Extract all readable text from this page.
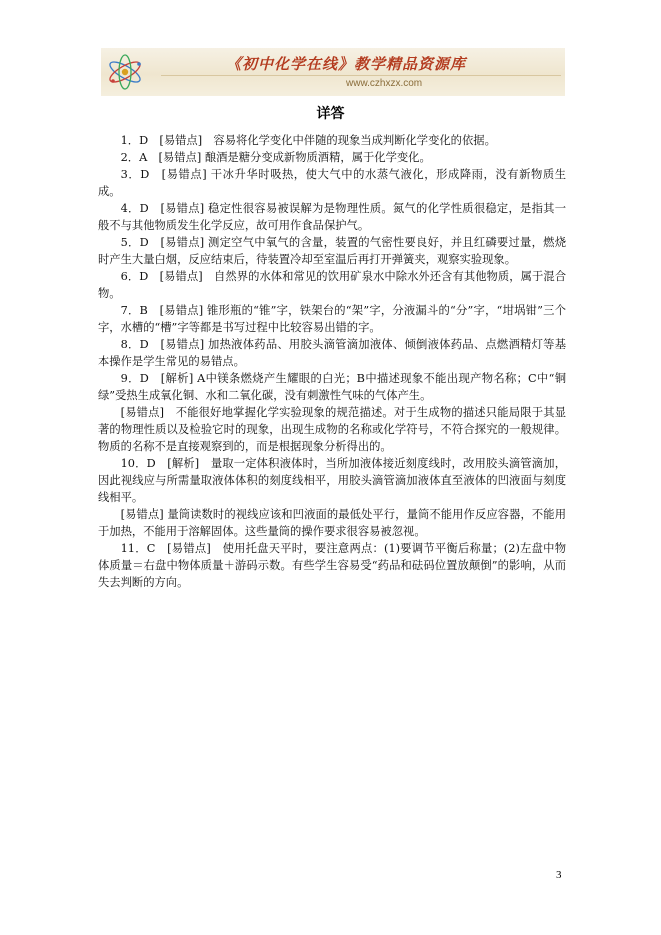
《初中化学在线》教学精品资源库
www.czhxzx.com
详答

1．D　[易错点]　容易将化学变化中伴随的现象当成判断化学变化的依据。

2．A　[易错点] 酿酒是糖分变成新物质酒精，属于化学变化。

3．D　[易错点] 干冰升华时吸热，使大气中的水蒸气液化，形成降雨，没有新物质生成。

4．D　[易错点] 稳定性很容易被误解为是物理性质。氮气的化学性质很稳定，是指其一般不与其他物质发生化学反应，故可用作食品保护气。

5．D　[易错点] 测定空气中氧气的含量，装置的气密性要良好，并且红磷要过量，燃烧时产生大量白烟，反应结束后，待装置冷却至室温后再打开弹簧夹，观察实验现象。

6．D　[易错点]　自然界的水体和常见的饮用矿泉水中除水外还含有其他物质，属于混合物。

7．B　[易错点] 锥形瓶的“锥”字，铁架台的“架”字，分液漏斗的“分”字，“坩埚钳”三个字，水槽的“槽”字等都是书写过程中比较容易出错的字。

8．D　[易错点] 加热液体药品、用胶头滴管滴加液体、倾倒液体药品、点燃酒精灯等基本操作是学生常见的易错点。

9．D　[解析] A中镁条燃烧产生耀眼的白光；B中描述现象不能出现产物名称；C中“铜绿”受热生成氧化铜、水和二氧化碳，没有刺激性气味的气体产生。

[易错点]　不能很好地掌握化学实验现象的规范描述。对于生成物的描述只能局限于其显著的物理性质以及检验它时的现象，出现生成物的名称或化学符号，不符合探究的一般规律。物质的名称不是直接观察到的，而是根据现象分析得出的。

10．D　[解析]　量取一定体积液体时，当所加液体接近刻度线时，改用胶头滴管滴加，因此视线应与所需量取液体体积的刻度线相平，用胶头滴管滴加液体直至液体的凹液面与刻度线相平。

[易错点] 量筒读数时的视线应该和凹液面的最低处平行，量筒不能用作反应容器，不能用于加热，不能用于溶解固体。这些量筒的操作要求很容易被忽视。

11．C　[易错点]　使用托盘天平时，要注意两点：(1)要调节平衡后称量；(2)左盘中物体质量＝右盘中物体质量＋游码示数。有些学生容易受“药品和砝码位置放颠倒”的影响，从而失去判断的方向。

3
